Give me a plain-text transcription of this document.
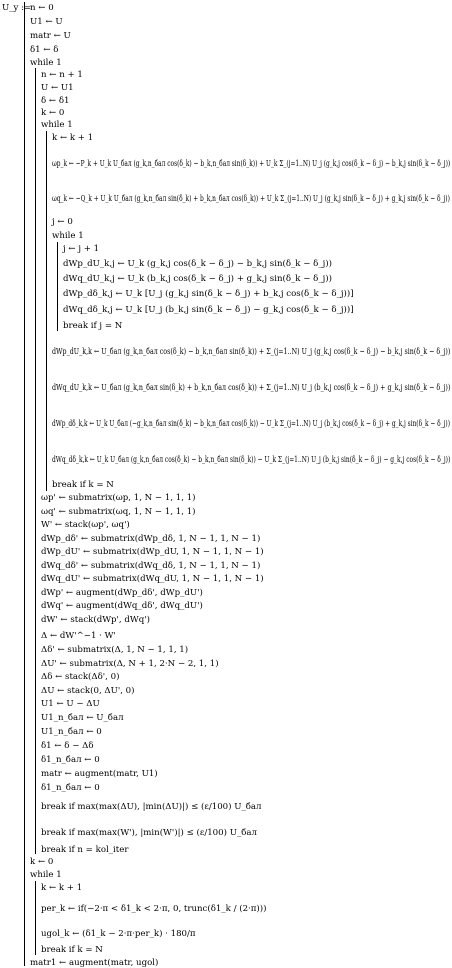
U_y :=
n ← 0
U1 ← U
matr ← U
δ1 ← δ
while 1
n ← n + 1
U ← U1
δ ← δ1
k ← 0
while 1
k ← k + 1
ωp_k ← −P_k + U_k U_бал (g_k,n_бал cos(δ_k) − b_k,n_бал sin(δ_k)) + U_k Σ_(j=1..N) U_j (g_k,j cos(δ_k − δ_j) − b_k,j sin(δ_k − δ_j))
ωq_k ← −Q_k + U_k U_бал (g_k,n_бал sin(δ_k) + b_k,n_бал cos(δ_k)) + U_k Σ_(j=1..N) U_j (g_k,j sin(δ_k − δ_j) + g_k,j sin(δ_k − δ_j))
j ← 0
while 1
j ← j + 1
dWp_dU_k,j ← U_k (g_k,j cos(δ_k − δ_j) − b_k,j sin(δ_k − δ_j))
dWq_dU_k,j ← U_k (b_k,j cos(δ_k − δ_j) + g_k,j sin(δ_k − δ_j))
dWp_dδ_k,j ← U_k [U_j (g_k,j sin(δ_k − δ_j) + b_k,j cos(δ_k − δ_j))]
dWq_dδ_k,j ← U_k [U_j (b_k,j sin(δ_k − δ_j) − g_k,j cos(δ_k − δ_j))]
break if j = N
dWp_dU_k,k ← U_бал (g_k,n_бал cos(δ_k) − b_k,n_бал sin(δ_k)) + Σ_(j=1..N) U_j (g_k,j cos(δ_k − δ_j) − b_k,j sin(δ_k − δ_j))
dWq_dU_k,k ← U_бал (g_k,n_бал sin(δ_k) + b_k,n_бал cos(δ_k)) + Σ_(j=1..N) U_j (b_k,j cos(δ_k − δ_j) + g_k,j sin(δ_k − δ_j))
dWp_dδ_k,k ← U_k U_бал (−g_k,n_бал sin(δ_k) − b_k,n_бал cos(δ_k)) − U_k Σ_(j=1..N) U_j (b_k,j cos(δ_k − δ_j) + g_k,j sin(δ_k − δ_j))
dWq_dδ_k,k ← U_k U_бал (g_k,n_бал cos(δ_k) − b_k,n_бал sin(δ_k)) − U_k Σ_(j=1..N) U_j (b_k,j sin(δ_k − δ_j) − g_k,j cos(δ_k − δ_j))
break if k = N
ωp' ← submatrix(ωp, 1, N − 1, 1, 1)
ωq' ← submatrix(ωq, 1, N − 1, 1, 1)
W' ← stack(ωp', ωq')
dWp_dδ' ← submatrix(dWp_dδ, 1, N − 1, 1, N − 1)
dWp_dU' ← submatrix(dWp_dU, 1, N − 1, 1, N − 1)
dWq_dδ' ← submatrix(dWq_dδ, 1, N − 1, 1, N − 1)
dWq_dU' ← submatrix(dWq_dU, 1, N − 1, 1, N − 1)
dWp' ← augment(dWp_dδ', dWp_dU')
dWq' ← augment(dWq_dδ', dWq_dU')
dW' ← stack(dWp', dWq')
Δ ← dW'^−1 · W'
Δδ' ← submatrix(Δ, 1, N − 1, 1, 1)
ΔU' ← submatrix(Δ, N + 1, 2·N − 2, 1, 1)
Δδ ← stack(Δδ', 0)
ΔU ← stack(0, ΔU', 0)
U1 ← U − ΔU
U1_n_бал ← U_бал
U1_n_бал ← 0
δ1 ← δ − Δδ
δ1_n_бал ← 0
matr ← augment(matr, U1)
δ1_n_бал ← 0
break if max(max(ΔU), |min(ΔU)|) ≤ (ε/100) U_бал
break if max(max(W'), |min(W')|) ≤ (ε/100) U_бал
break if n = kol_iter
k ← 0
while 1
k ← k + 1
per_k ← if(−2·π < δ1_k < 2·π, 0, trunc(δ1_k / (2·π)))
ugol_k ← (δ1_k − 2·π·per_k) · 180/π
break if k = N
matr1 ← augment(matr, ugol)
